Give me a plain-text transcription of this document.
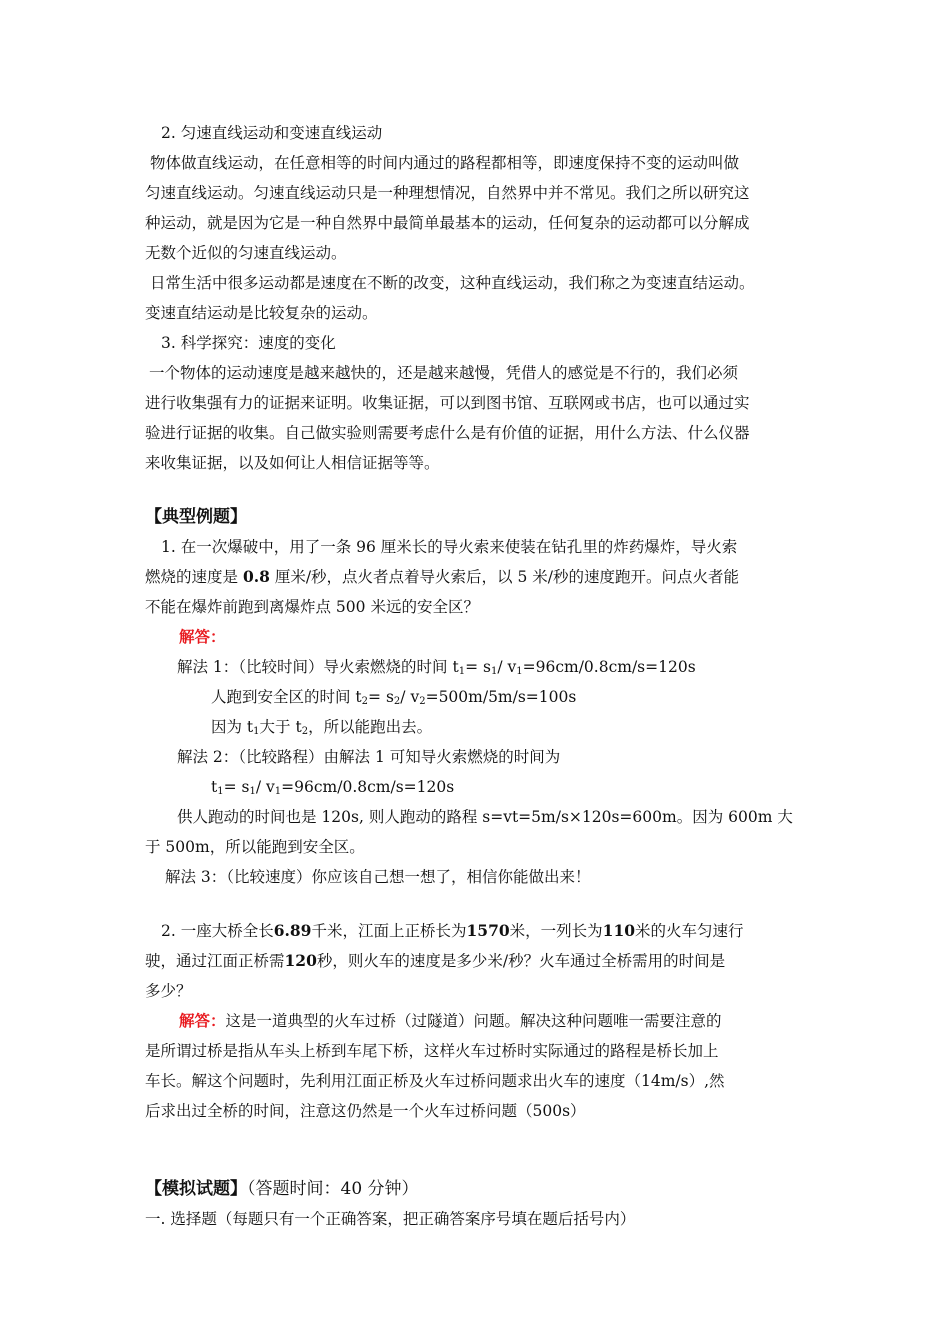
2. 匀速直线运动和变速直线运动
物体做直线运动，在任意相等的时间内通过的路程都相等，即速度保持不变的运动叫做
匀速直线运动。匀速直线运动只是一种理想情况，自然界中并不常见。我们之所以研究这
种运动，就是因为它是一种自然界中最简单最基本的运动，任何复杂的运动都可以分解成
无数个近似的匀速直线运动。
日常生活中很多运动都是速度在不断的改变，这种直线运动，我们称之为变速直结运动。
变速直结运动是比较复杂的运动。
3. 科学探究：速度的变化
一个物体的运动速度是越来越快的，还是越来越慢，凭借人的感觉是不行的，我们必须
进行收集强有力的证据来证明。收集证据，可以到图书馆、互联网或书店，也可以通过实
验进行证据的收集。自己做实验则需要考虑什么是有价值的证据，用什么方法、什么仪器
来收集证据，以及如何让人相信证据等等。
【典型例题】
1. 在一次爆破中，用了一条 96 厘米长的导火索来使装在钻孔里的炸药爆炸，导火索
燃烧的速度是 0.8 厘米/秒，点火者点着导火索后，以 5 米/秒的速度跑开。问点火者能
不能在爆炸前跑到离爆炸点 500 米远的安全区？
解答：
解法 1：（比较时间）导火索燃烧的时间 $t_1= s_1/$ $v_1=96cm/0.8cm/s=120s$
人跑到安全区的时间 $t_2= s_2/$ $v_2=500m/5m/s=100s$
因为 $t_1$大于 $t_2$，所以能跑出去。
解法 2：（比较路程）由解法 1 可知导火索燃烧的时间为
$t_1= s_1/$ $v_1=96cm/0.8cm/s=120s$
供人跑动的时间也是 120s, 则人跑动的路程 s=vt=5m/s×120s=600m。因为 600m 大
于 500m，所以能跑到安全区。
解法 3：（比较速度）你应该自己想一想了，相信你能做出来！
2. 一座大桥全长6.89千米，江面上正桥长为1570米，一列长为110米的火车匀速行
驶，通过江面正桥需120秒，则火车的速度是多少米/秒？火车通过全桥需用的时间是
多少？
解答：这是一道典型的火车过桥（过隧道）问题。解决这种问题唯一需要注意的
是所谓过桥是指从车头上桥到车尾下桥，这样火车过桥时实际通过的路程是桥长加上
车长。解这个问题时，先利用江面正桥及火车过桥问题求出火车的速度（14m/s）,然
后求出过全桥的时间，注意这仍然是一个火车过桥问题（500s）
【模拟试题】（答题时间：40 分钟）
一. 选择题（每题只有一个正确答案，把正确答案序号填在题后括号内）
